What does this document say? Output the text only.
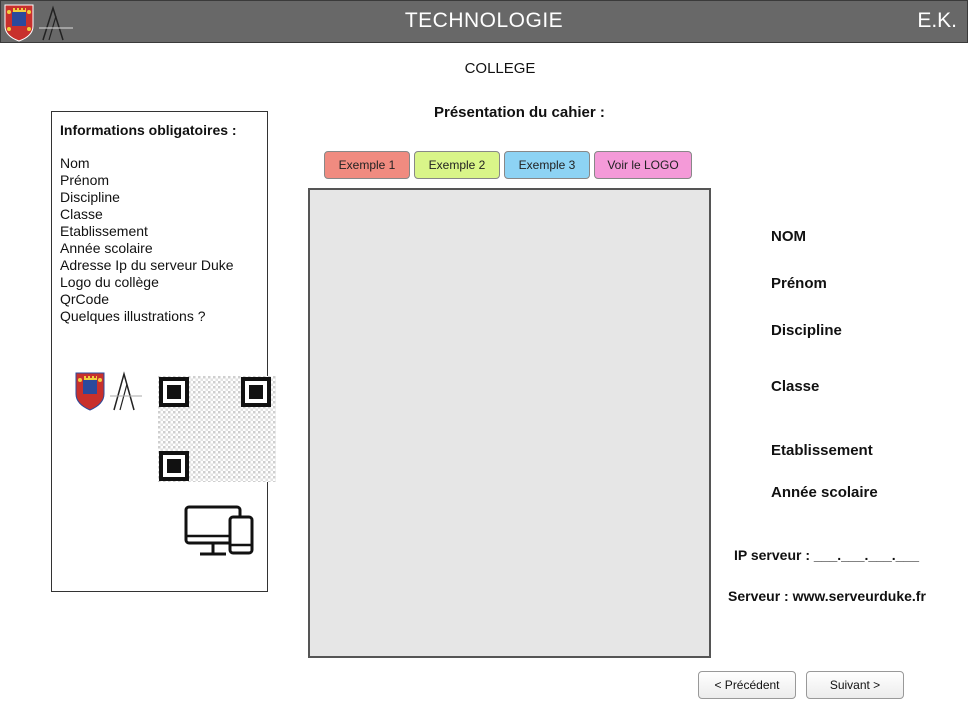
TECHNOLOGIE	E.K.
COLLEGE
Présentation du cahier :
Informations obligatoires :
Nom
Prénom
Discipline
Classe
Etablissement
Année scolaire
Adresse Ip du serveur Duke
Logo du collège
QrCode
Quelques illustrations ?
Exemple 1	Exemple 2	Exemple 3	Voir le LOGO
NOM
Prénom
Discipline
Classe
Etablissement
Année scolaire
IP serveur : ___.___.___.___
Serveur : www.serveurduke.fr
< Précédent	Suivant >
